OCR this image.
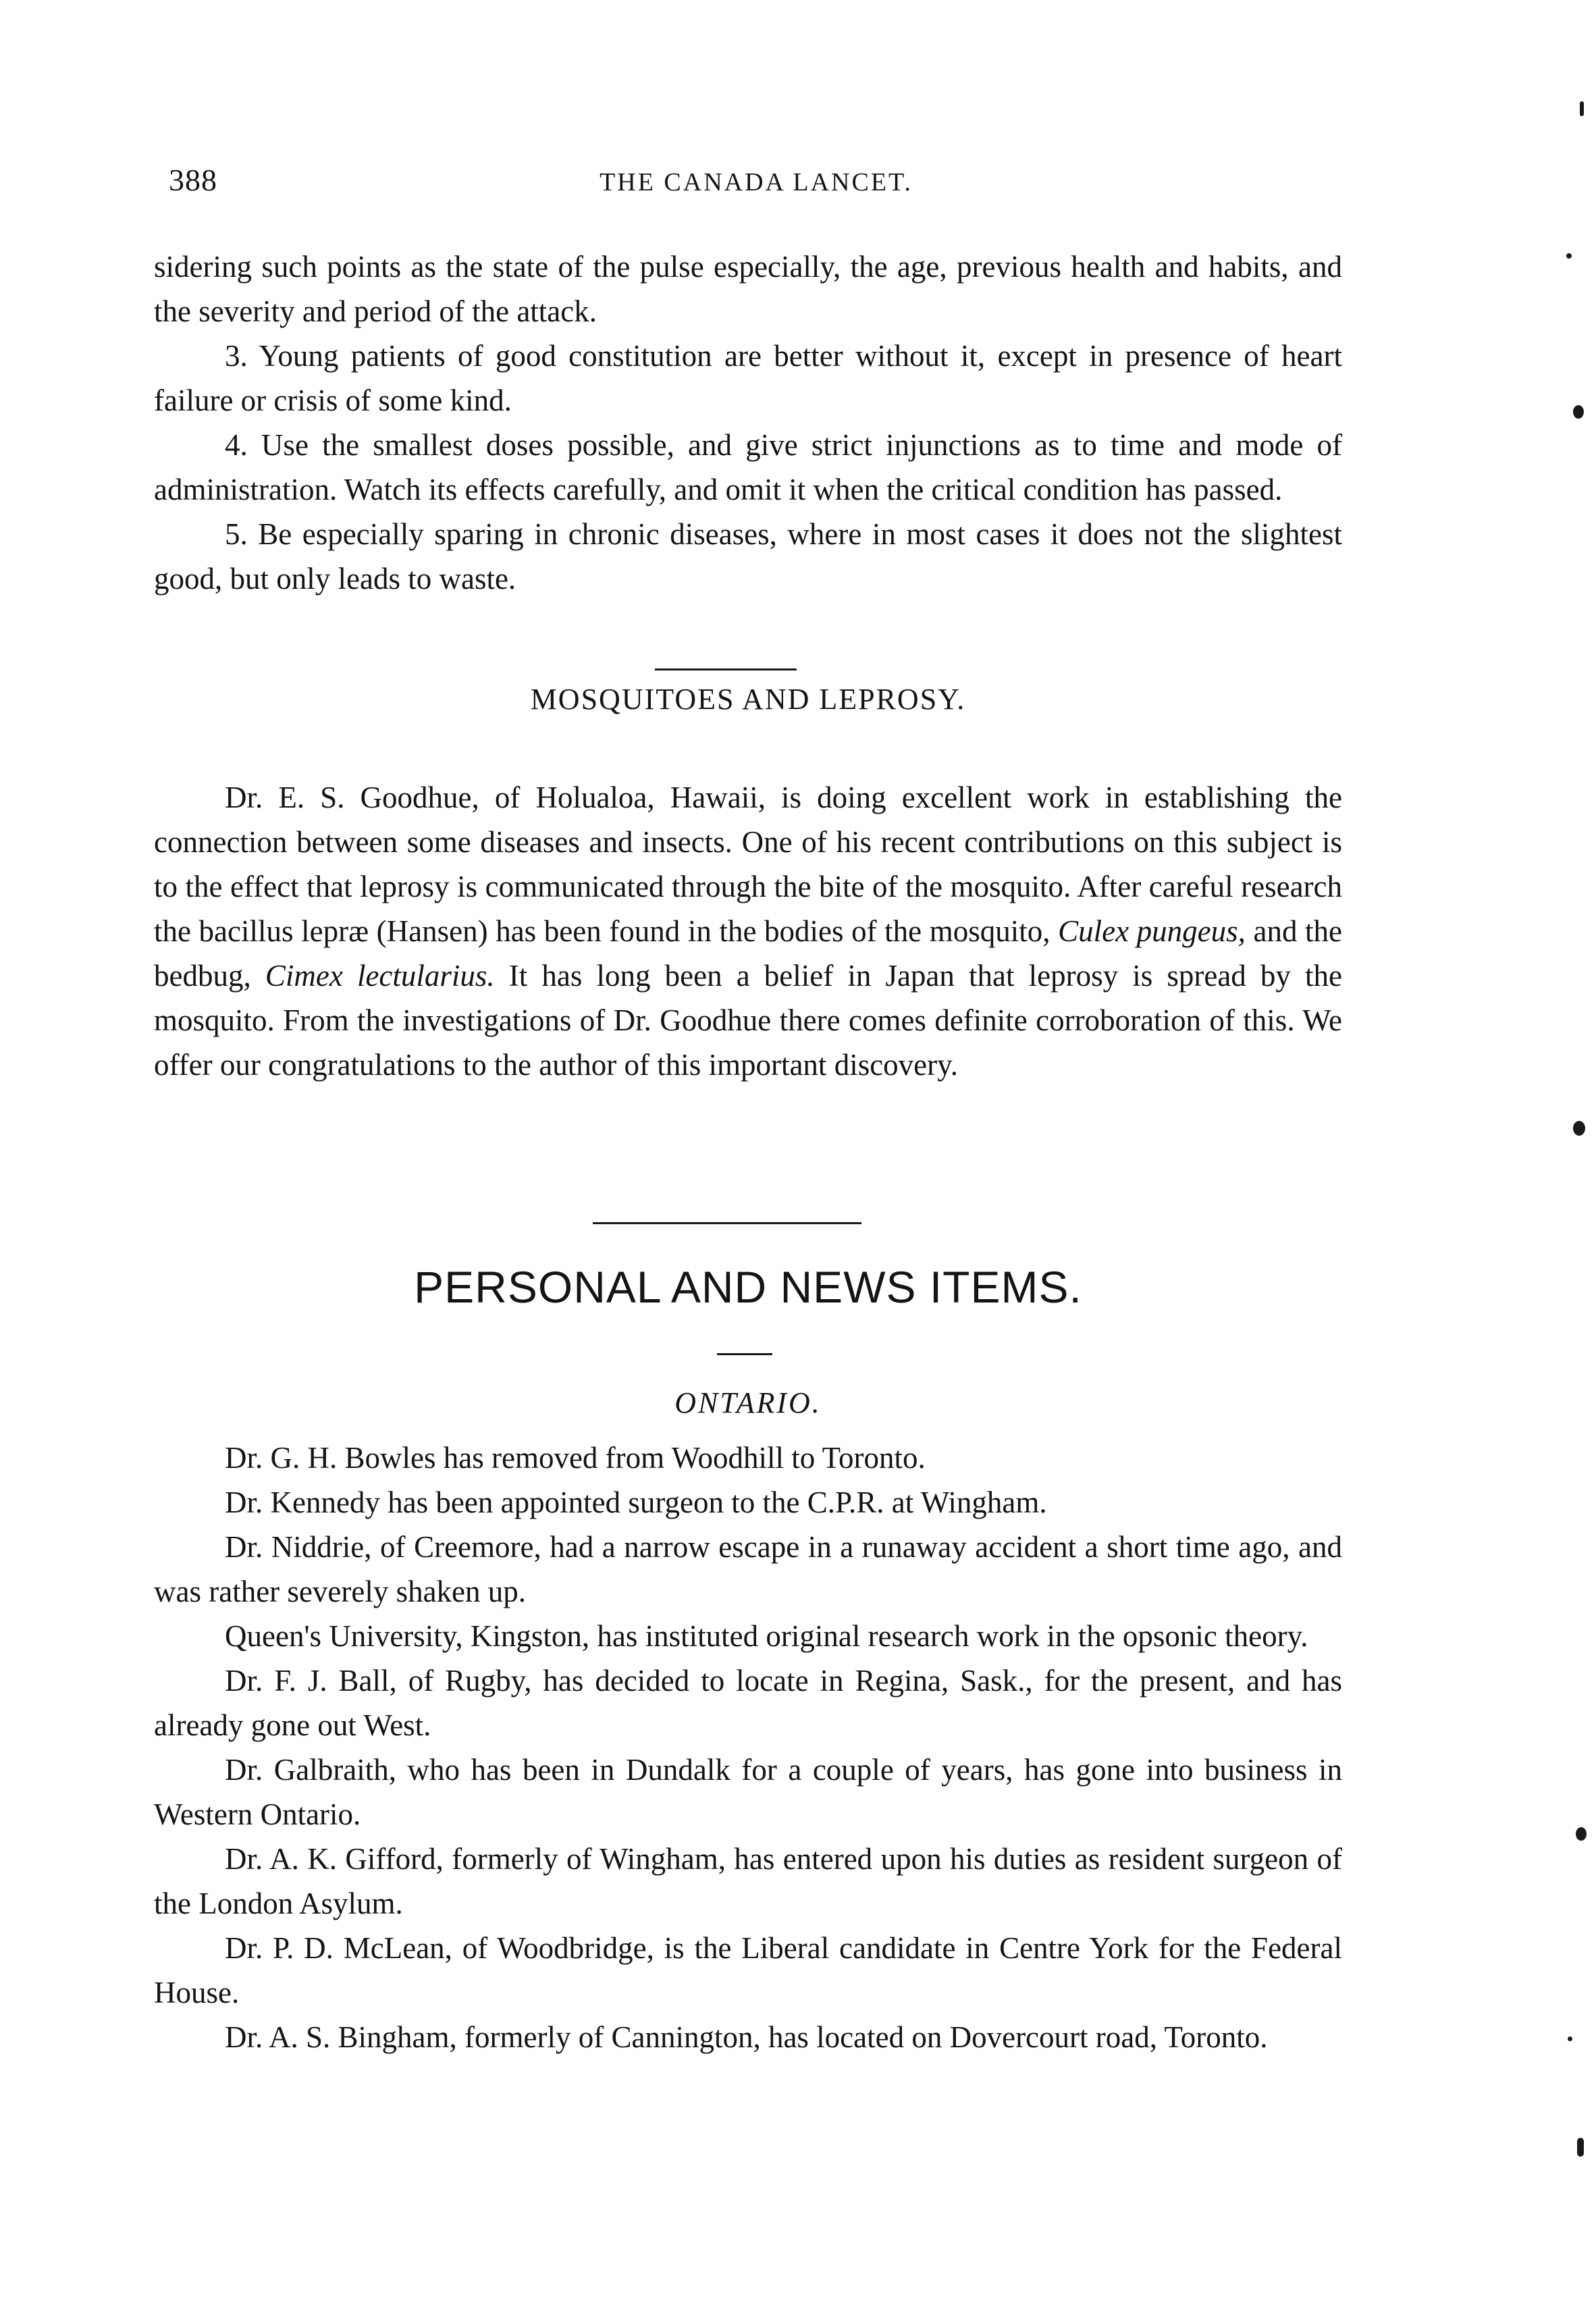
388	THE CANADA LANCET.

sidering such points as the state of the pulse especially, the age, previous health and habits, and the severity and period of the attack.

3. Young patients of good constitution are better without it, except in presence of heart failure or crisis of some kind.

4. Use the smallest doses possible, and give strict injunctions as to time and mode of administration. Watch its effects carefully, and omit it when the critical condition has passed.

5. Be especially sparing in chronic diseases, where in most cases it does not the slightest good, but only leads to waste.

MOSQUITOES AND LEPROSY.

Dr. E. S. Goodhue, of Holualoa, Hawaii, is doing excellent work in establishing the connection between some diseases and insects. One of his recent contributions on this subject is to the effect that leprosy is communicated through the bite of the mosquito. After careful research the bacillus lepræ (Hansen) has been found in the bodies of the mosquito, Culex pungeus, and the bedbug, Cimex lectularius. It has long been a belief in Japan that leprosy is spread by the mosquito. From the investigations of Dr. Goodhue there comes definite corroboration of this. We offer our congratulations to the author of this important discovery.

PERSONAL AND NEWS ITEMS.
ONTARIO.

Dr. G. H. Bowles has removed from Woodhill to Toronto.

Dr. Kennedy has been appointed surgeon to the C.P.R. at Wingham.

Dr. Niddrie, of Creemore, had a narrow escape in a runaway accident a short time ago, and was rather severely shaken up.

Queen's University, Kingston, has instituted original research work in the opsonic theory.

Dr. F. J. Ball, of Rugby, has decided to locate in Regina, Sask., for the present, and has already gone out West.

Dr. Galbraith, who has been in Dundalk for a couple of years, has gone into business in Western Ontario.

Dr. A. K. Gifford, formerly of Wingham, has entered upon his duties as resident surgeon of the London Asylum.

Dr. P. D. McLean, of Woodbridge, is the Liberal candidate in Centre York for the Federal House.

Dr. A. S. Bingham, formerly of Cannington, has located on Dovercourt road, Toronto.
